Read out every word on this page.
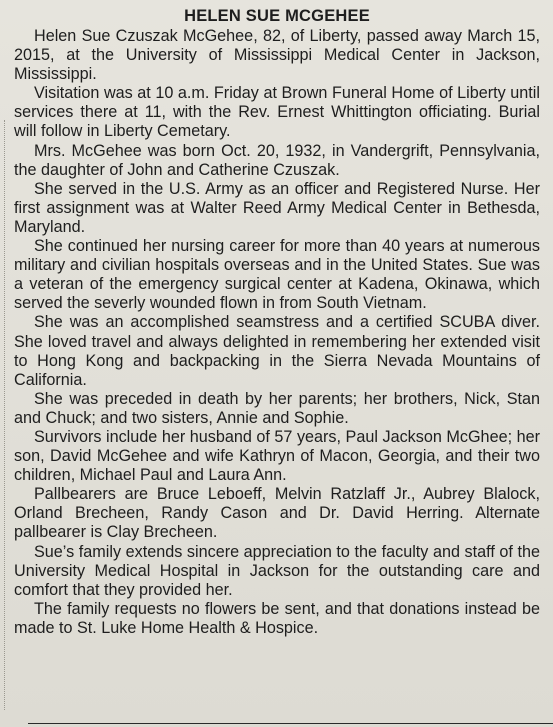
HELEN SUE MCGEHEE

Helen Sue Czuszak McGehee, 82, of Liberty, passed away March 15, 2015, at the University of Mississippi Medical Center in Jackson, Mississippi.

Visitation was at 10 a.m. Friday at Brown Funeral Home of Liberty until services there at 11, with the Rev. Ernest Whittington officiating. Burial will follow in Liberty Cemetary.

Mrs. McGehee was born Oct. 20, 1932, in Vandergrift, Pennsylvania, the daughter of John and Catherine Czuszak.

She served in the U.S. Army as an officer and Registered Nurse. Her first assignment was at Walter Reed Army Medical Center in Bethesda, Maryland.

She continued her nursing career for more than 40 years at numerous military and civilian hospitals overseas and in the United States. Sue was a veteran of the emergency surgical center at Kadena, Okinawa, which served the severly wounded flown in from South Vietnam.

She was an accomplished seamstress and a certified SCUBA diver. She loved travel and always delighted in remembering her extended visit to Hong Kong and backpacking in the Sierra Nevada Mountains of California.

She was preceded in death by her parents; her brothers, Nick, Stan and Chuck; and two sisters, Annie and Sophie.

Survivors include her husband of 57 years, Paul Jackson McGhee; her son, David McGehee and wife Kathryn of Macon, Georgia, and their two children, Michael Paul and Laura Ann.

Pallbearers are Bruce Leboeff, Melvin Ratzlaff Jr., Aubrey Blalock, Orland Brecheen, Randy Cason and Dr. David Herring. Alternate pallbearer is Clay Brecheen.

Sue’s family extends sincere appreciation to the faculty and staff of the University Medical Hospital in Jackson for the outstanding care and comfort that they provided her.

The family requests no flowers be sent, and that donations instead be made to St. Luke Home Health & Hospice.
